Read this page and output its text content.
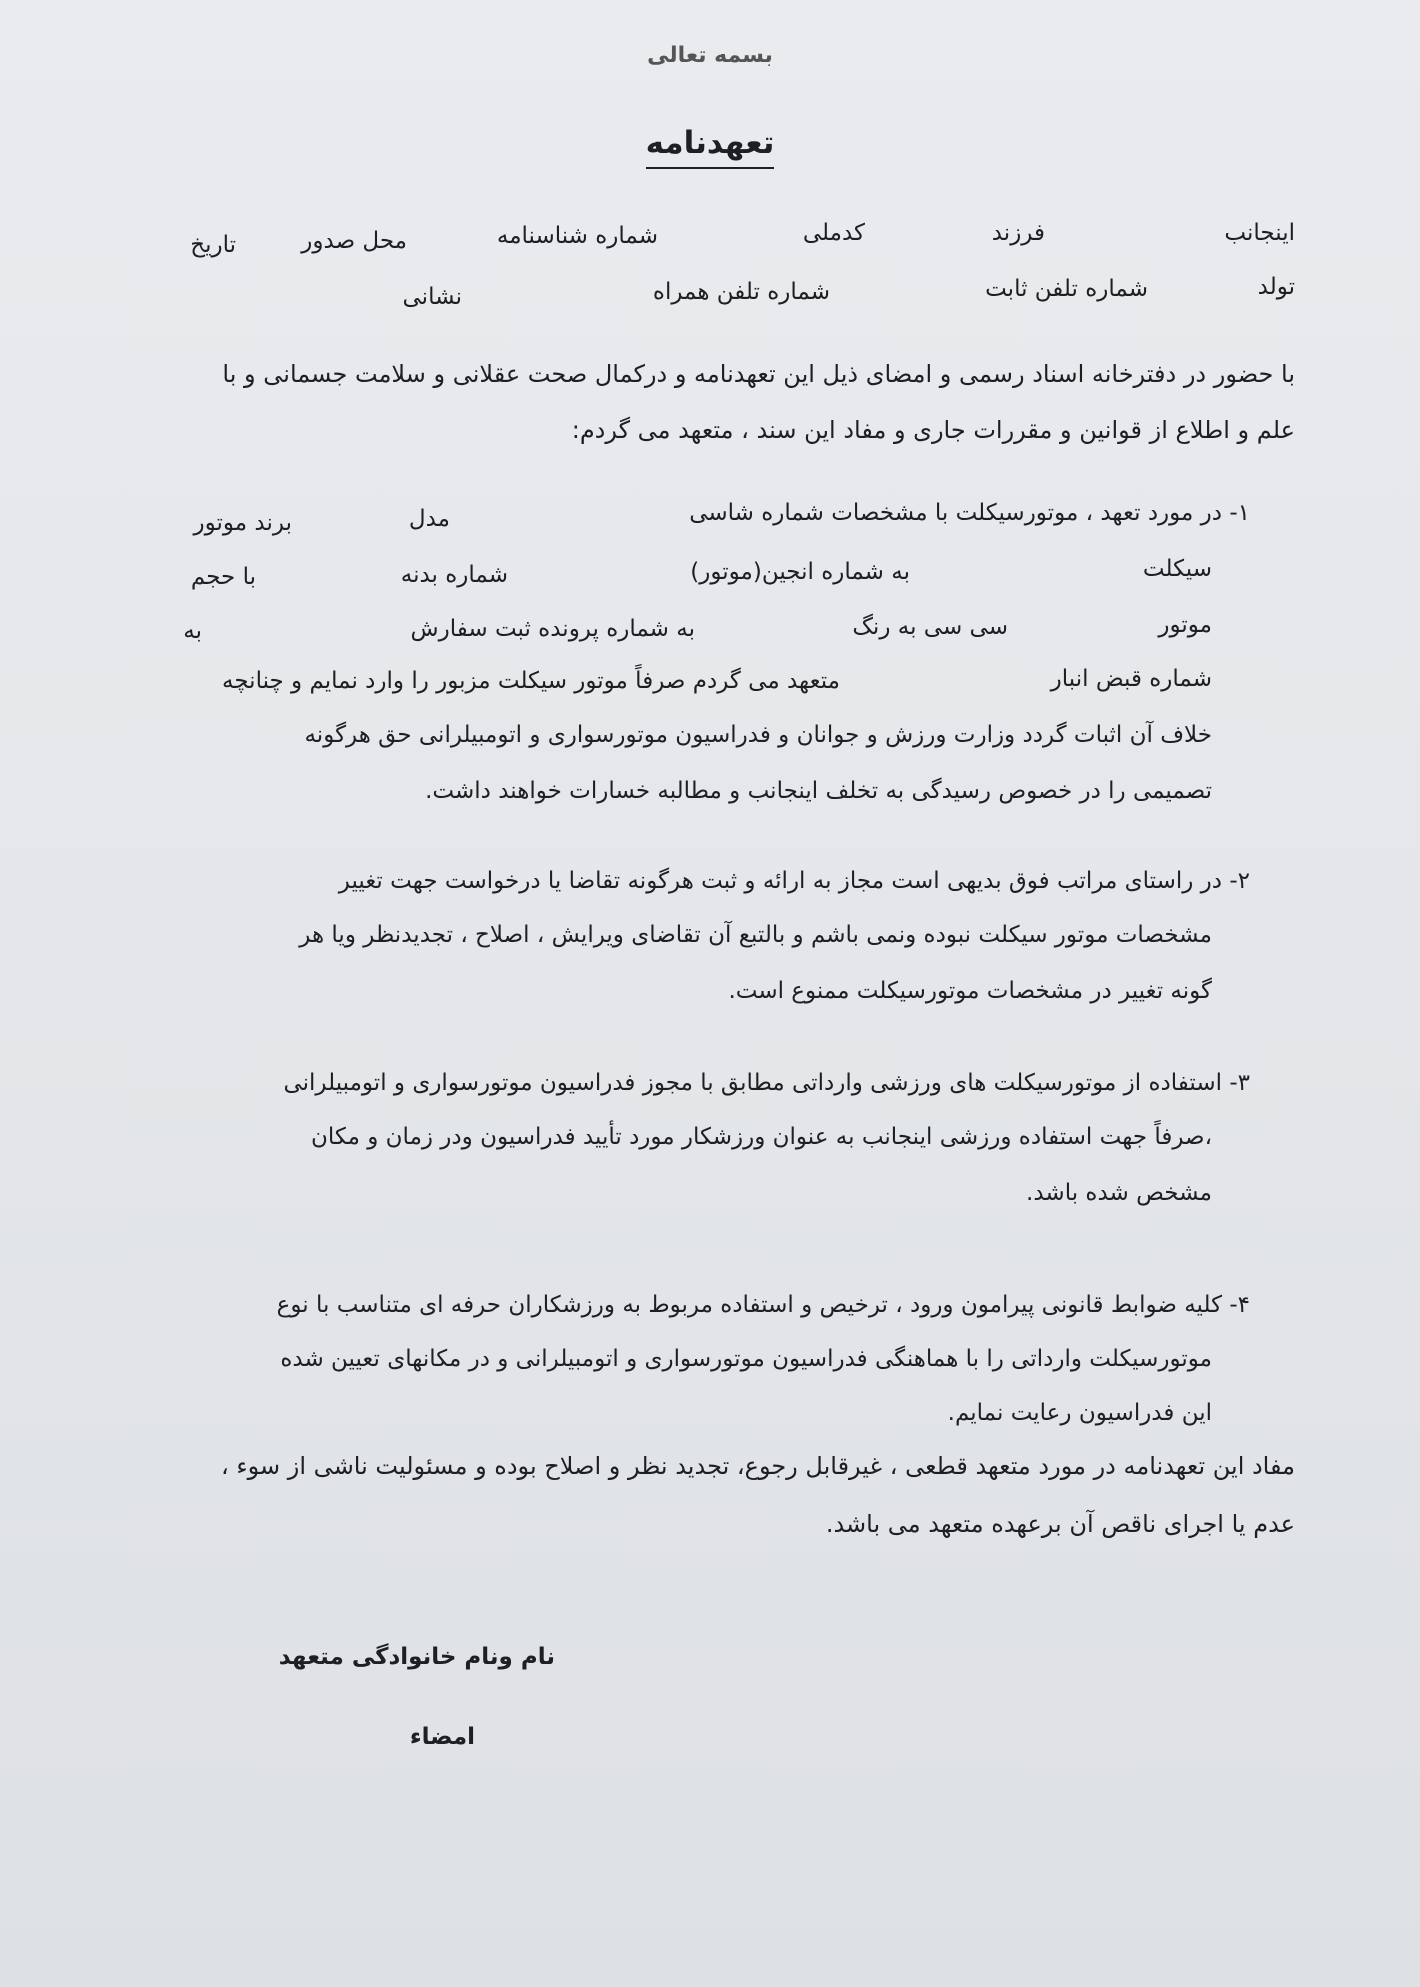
بسمه تعالی
تعهدنامه
اینجانب
فرزند
کدملی
شماره شناسنامه
محل صدور
تاریخ
تولد
شماره تلفن ثابت
شماره تلفن همراه
نشانی
با حضور در دفترخانه اسناد رسمی و امضای ذیل این تعهدنامه و درکمال صحت عقلانی و سلامت جسمانی و با
علم و اطلاع از قوانین و مقررات جاری و مفاد این سند ، متعهد می گردم:
۱- در مورد تعهد ، موتورسیکلت با مشخصات شماره شاسی
مدل
برند موتور
سیکلت
به شماره انجین(موتور)
شماره بدنه
با حجم
موتور
سی سی به رنگ
به شماره پرونده ثبت سفارش
به
شماره قبض انبار
متعهد می گردم صرفاً موتور سیکلت مزبور را وارد نمایم و چنانچه
خلاف آن اثبات گردد وزارت ورزش و جوانان و فدراسیون موتورسواری و اتومبیلرانی حق هرگونه
تصمیمی را در خصوص رسیدگی به تخلف اینجانب و مطالبه خسارات خواهند داشت.
۲- در راستای مراتب فوق بدیهی است مجاز به ارائه و ثبت هرگونه تقاضا یا درخواست جهت تغییر
مشخصات موتور سیکلت نبوده ونمی باشم و بالتبع آن تقاضای ویرایش ، اصلاح ، تجدیدنظر ویا هر
گونه تغییر در مشخصات موتورسیکلت ممنوع است.
۳- استفاده از موتورسیکلت های ورزشی وارداتی مطابق با مجوز فدراسیون موتورسواری و اتومبیلرانی
،صرفاً جهت استفاده ورزشی اینجانب به عنوان ورزشکار مورد تأیید فدراسیون ودر زمان و مکان
مشخص شده باشد.
۴- کلیه ضوابط قانونی پیرامون ورود ، ترخیص و استفاده مربوط به ورزشکاران حرفه ای متناسب با نوع
موتورسیکلت وارداتی را با هماهنگی فدراسیون موتورسواری و اتومبیلرانی و در مکانهای تعیین شده
این فدراسیون رعایت نمایم.
مفاد این تعهدنامه در مورد متعهد قطعی ، غیرقابل رجوع، تجدید نظر و اصلاح بوده و مسئولیت ناشی از سوء ،
عدم یا اجرای ناقص آن برعهده متعهد می باشد.
نام ونام خانوادگی متعهد
امضاء
